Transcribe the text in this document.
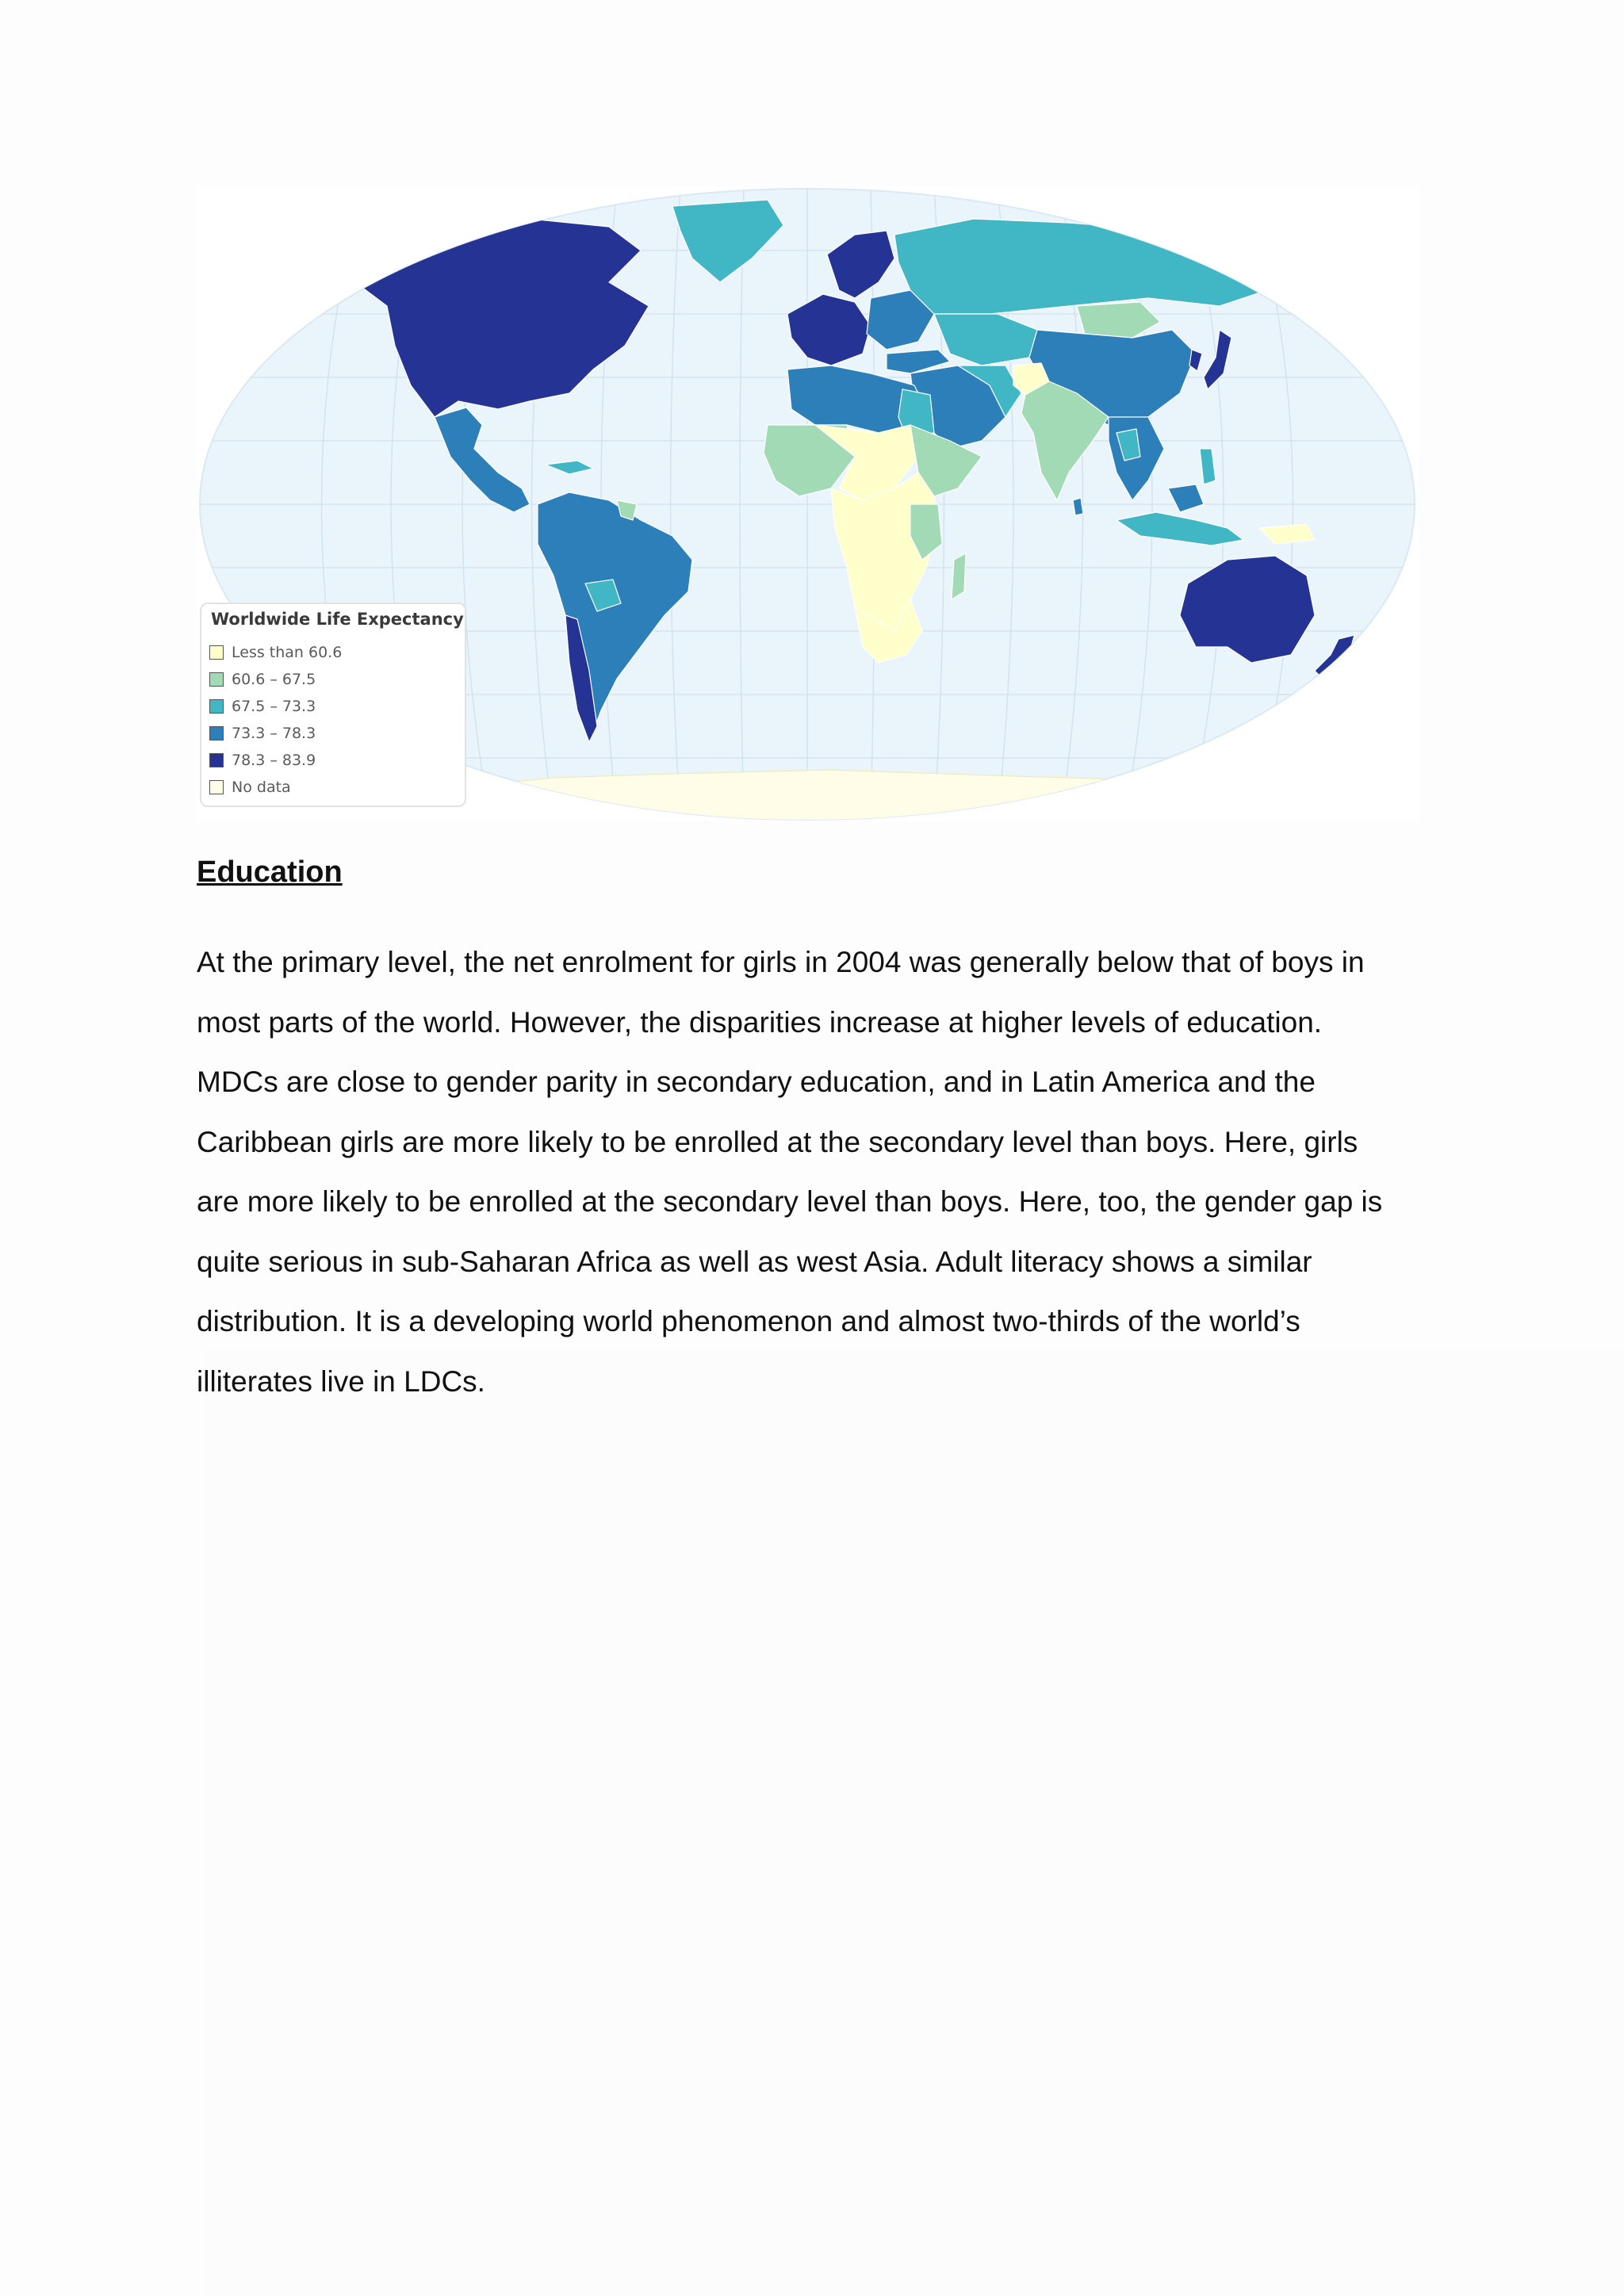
Worldwide Life Expectancy
Less than 60.6
60.6 – 67.5
67.5 – 73.3
73.3 – 78.3
78.3 – 83.9
No data
Education

At the primary level, the net enrolment for girls in 2004 was generally below that of boys in
most parts of the world. However, the disparities increase at higher levels of education.
MDCs are close to gender parity in secondary education, and in Latin America and the
Caribbean girls are more likely to be enrolled at the secondary level than boys. Here, girls
are more likely to be enrolled at the secondary level than boys. Here, too, the gender gap is
quite serious in sub-Saharan Africa as well as west Asia. Adult literacy shows a similar
distribution. It is a developing world phenomenon and almost two-thirds of the world’s
illiterates live in LDCs.
